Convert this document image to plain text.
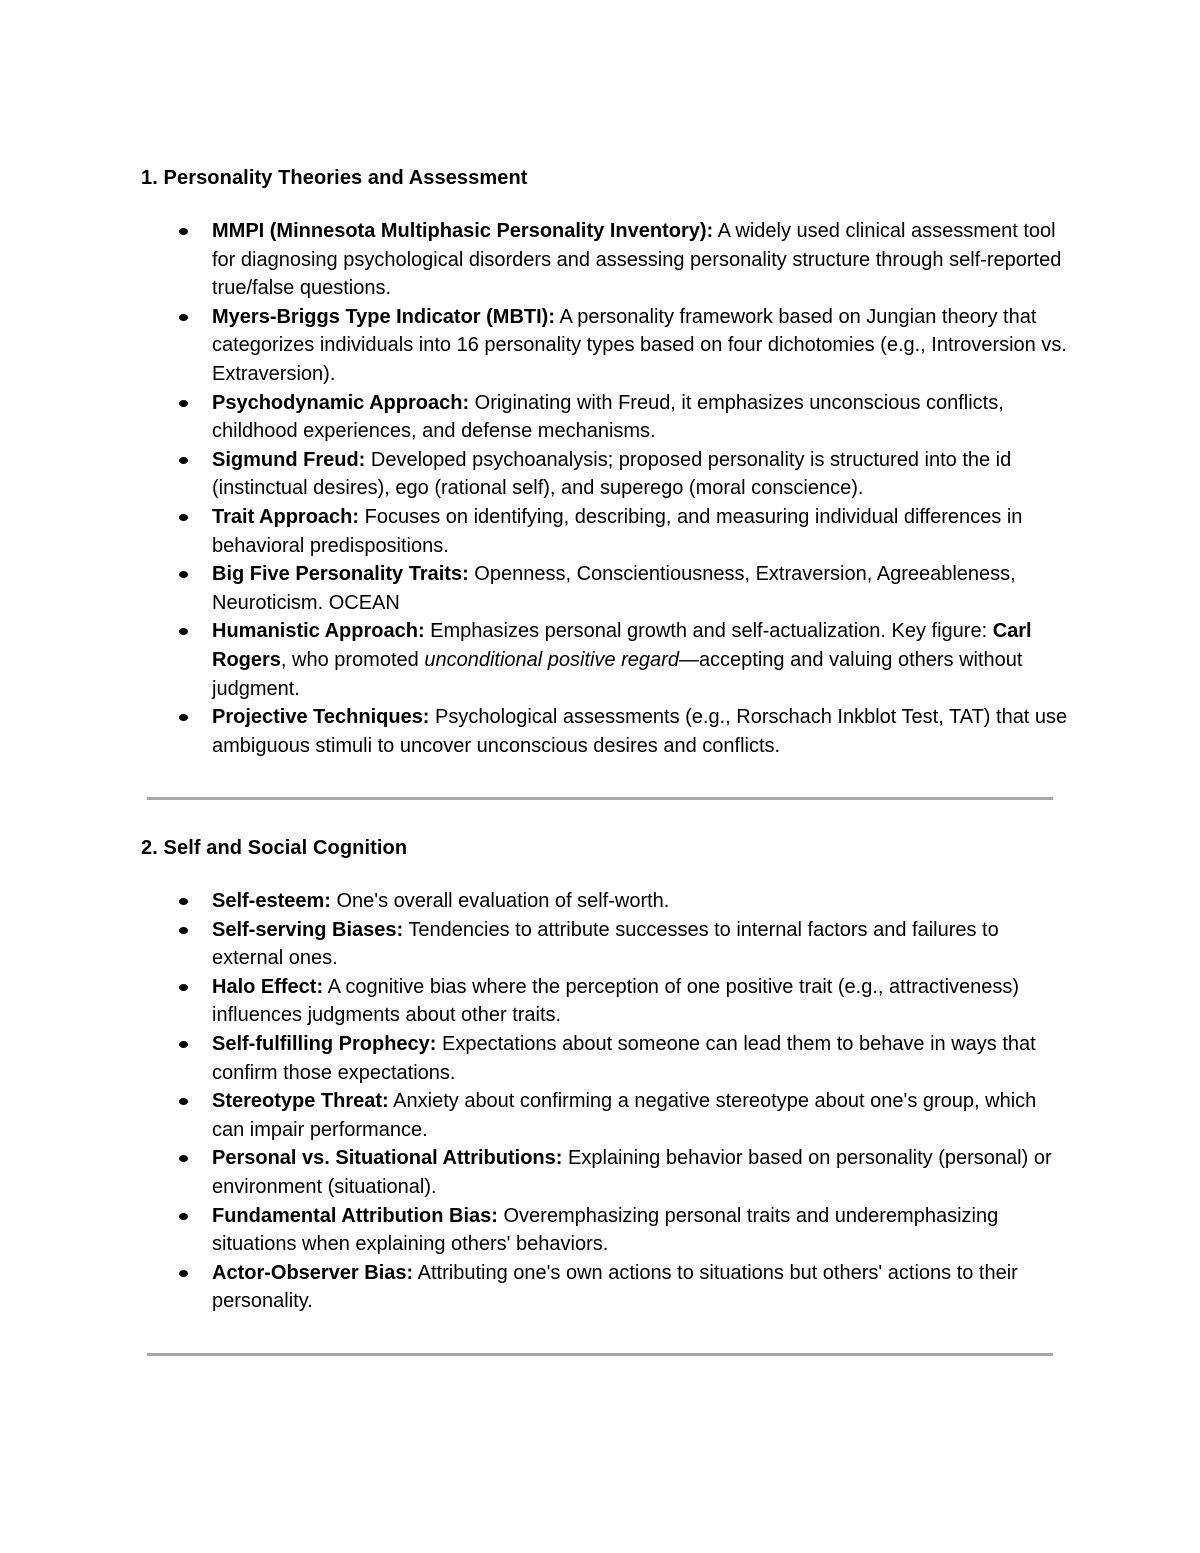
1. Personality Theories and Assessment
MMPI (Minnesota Multiphasic Personality Inventory): A widely used clinical assessment tool for diagnosing psychological disorders and assessing personality structure through self-reported true/false questions.
Myers-Briggs Type Indicator (MBTI): A personality framework based on Jungian theory that categorizes individuals into 16 personality types based on four dichotomies (e.g., Introversion vs. Extraversion).
Psychodynamic Approach: Originating with Freud, it emphasizes unconscious conflicts, childhood experiences, and defense mechanisms.
Sigmund Freud: Developed psychoanalysis; proposed personality is structured into the id (instinctual desires), ego (rational self), and superego (moral conscience).
Trait Approach: Focuses on identifying, describing, and measuring individual differences in behavioral predispositions.
Big Five Personality Traits: Openness, Conscientiousness, Extraversion, Agreeableness, Neuroticism. OCEAN
Humanistic Approach: Emphasizes personal growth and self-actualization. Key figure: Carl Rogers, who promoted unconditional positive regard—accepting and valuing others without judgment.
Projective Techniques: Psychological assessments (e.g., Rorschach Inkblot Test, TAT) that use ambiguous stimuli to uncover unconscious desires and conflicts.
2. Self and Social Cognition
Self-esteem: One's overall evaluation of self-worth.
Self-serving Biases: Tendencies to attribute successes to internal factors and failures to external ones.
Halo Effect: A cognitive bias where the perception of one positive trait (e.g., attractiveness) influences judgments about other traits.
Self-fulfilling Prophecy: Expectations about someone can lead them to behave in ways that confirm those expectations.
Stereotype Threat: Anxiety about confirming a negative stereotype about one's group, which can impair performance.
Personal vs. Situational Attributions: Explaining behavior based on personality (personal) or environment (situational).
Fundamental Attribution Bias: Overemphasizing personal traits and underemphasizing situations when explaining others' behaviors.
Actor-Observer Bias: Attributing one's own actions to situations but others' actions to their personality.
